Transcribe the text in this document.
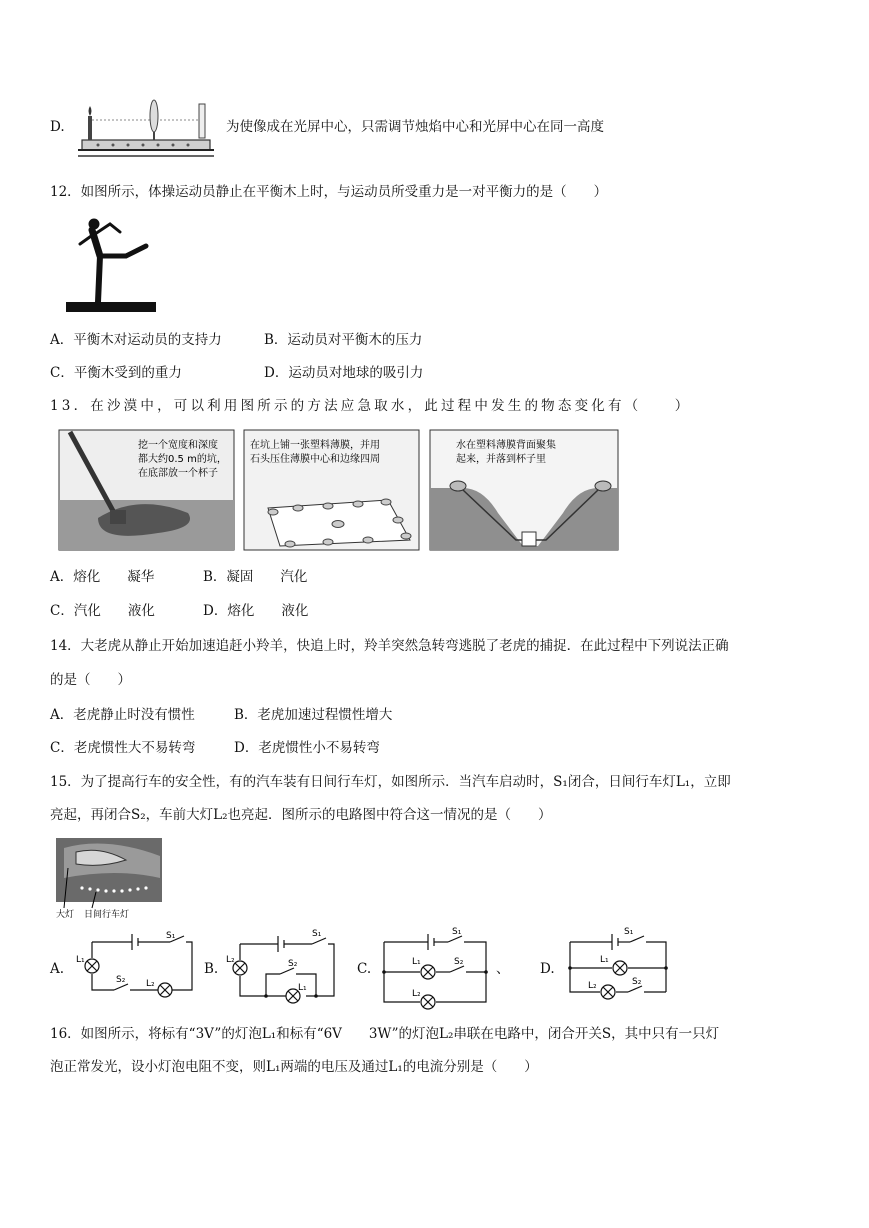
D.	为使像成在光屏中心，只需调节烛焰中心和光屏中心在同一高度
12．如图所示，体操运动员静止在平衡木上时，与运动员所受重力是一对平衡力的是（　　）
A．平衡木对运动员的支持力	B．运动员对平衡木的压力
C．平衡木受到的重力	D．运动员对地球的吸引力
13．在沙漠中，可以利用图所示的方法应急取水，此过程中发生的物态变化有（　　）
挖一个宽度和深度
都大约0.5 m的坑，
在底部放一个杯子
在坑上铺一张塑料薄膜，并用
石头压住薄膜中心和边缘四周
水在塑料薄膜背面聚集
起来，并落到杯子里
A．熔化　　凝华	B．凝固　　汽化
C．汽化　　液化	D．熔化　　液化
14．大老虎从静止开始加速追赶小羚羊，快追上时，羚羊突然急转弯逃脱了老虎的捕捉．在此过程中下列说法正确
的是（　　）
A．老虎静止时没有惯性	B．老虎加速过程惯性增大
C．老虎惯性大不易转弯	D．老虎惯性小不易转弯
15．为了提高行车的安全性，有的汽车装有日间行车灯，如图所示．当汽车启动时，S₁闭合，日间行车灯L₁，立即
亮起，再闭合S₂，车前大灯L₂也亮起．图所示的电路图中符合这一情况的是（　　）
大灯 日间行车灯
A.
S₁
L₁
S₂ L₂
B.
S₁
L₂	S₂
L₁
C.
S₁
L₁	S₂
L₂
、 D.
S₁
L₁
L₂	S₂
16．如图所示，将标有“3V”的灯泡L₁和标有“6V　　3W”的灯泡L₂串联在电路中，闭合开关S，其中只有一只灯
泡正常发光，设小灯泡电阻不变，则L₁两端的电压及通过L₁的电流分别是（　　）
